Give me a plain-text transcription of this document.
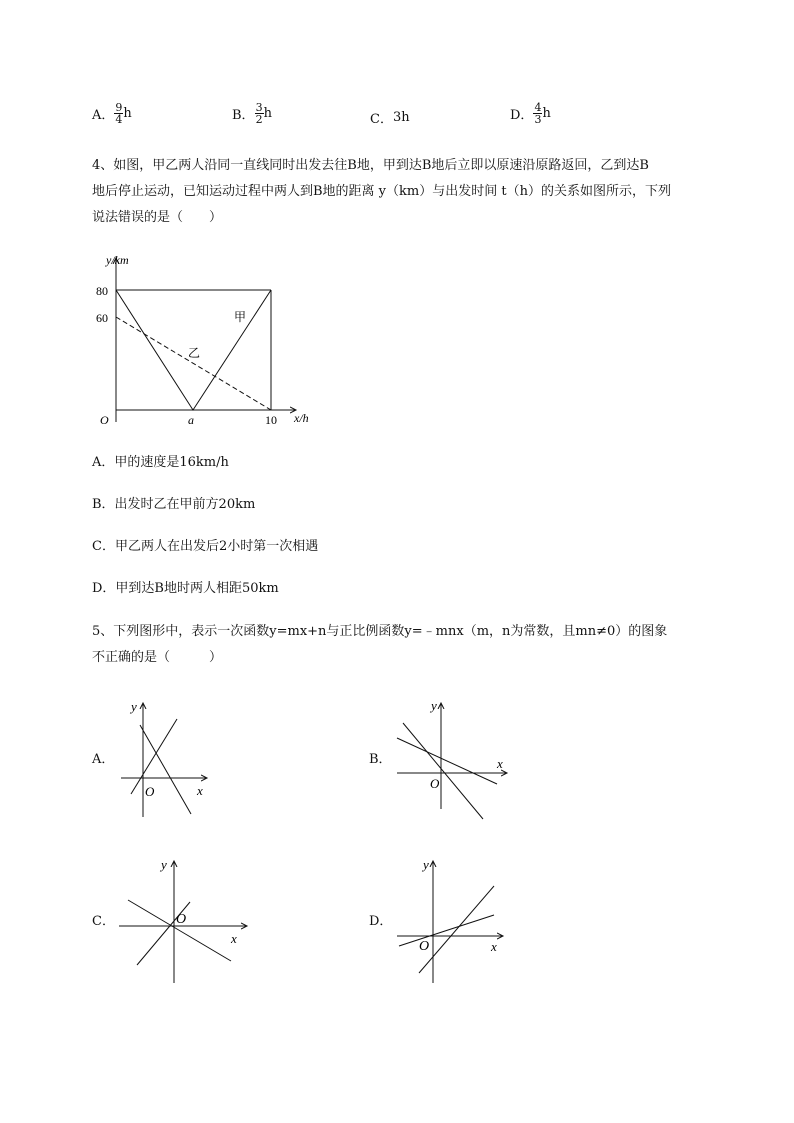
A． $\frac{9}{4}$ h	B． $\frac{3}{2}$ h	C． 3h	D． $\frac{4}{3}$ h
4、如图，甲乙两人沿同一直线同时出发去往B地，甲到达B地后立即以原速沿原路返回，乙到达B
地后停止运动，已知运动过程中两人到B地的距离 y（km）与出发时间 t（h）的关系如图所示，下列
说法错误的是（　　）
y/km
x/h
O
80
60
a	10
甲
乙
A．甲的速度是16km/h
B．出发时乙在甲前方20km
C．甲乙两人在出发后2小时第一次相遇
D．甲到达B地时两人相距50km
5、下列图形中，表示一次函数y=mx+n与正比例函数y=﹣mnx（m，n为常数，且mn≠0）的图象
不正确的是（　　　）
A．
y
x
O
B．
y
x
O
C．
y
x
O	D．
y
x
O
